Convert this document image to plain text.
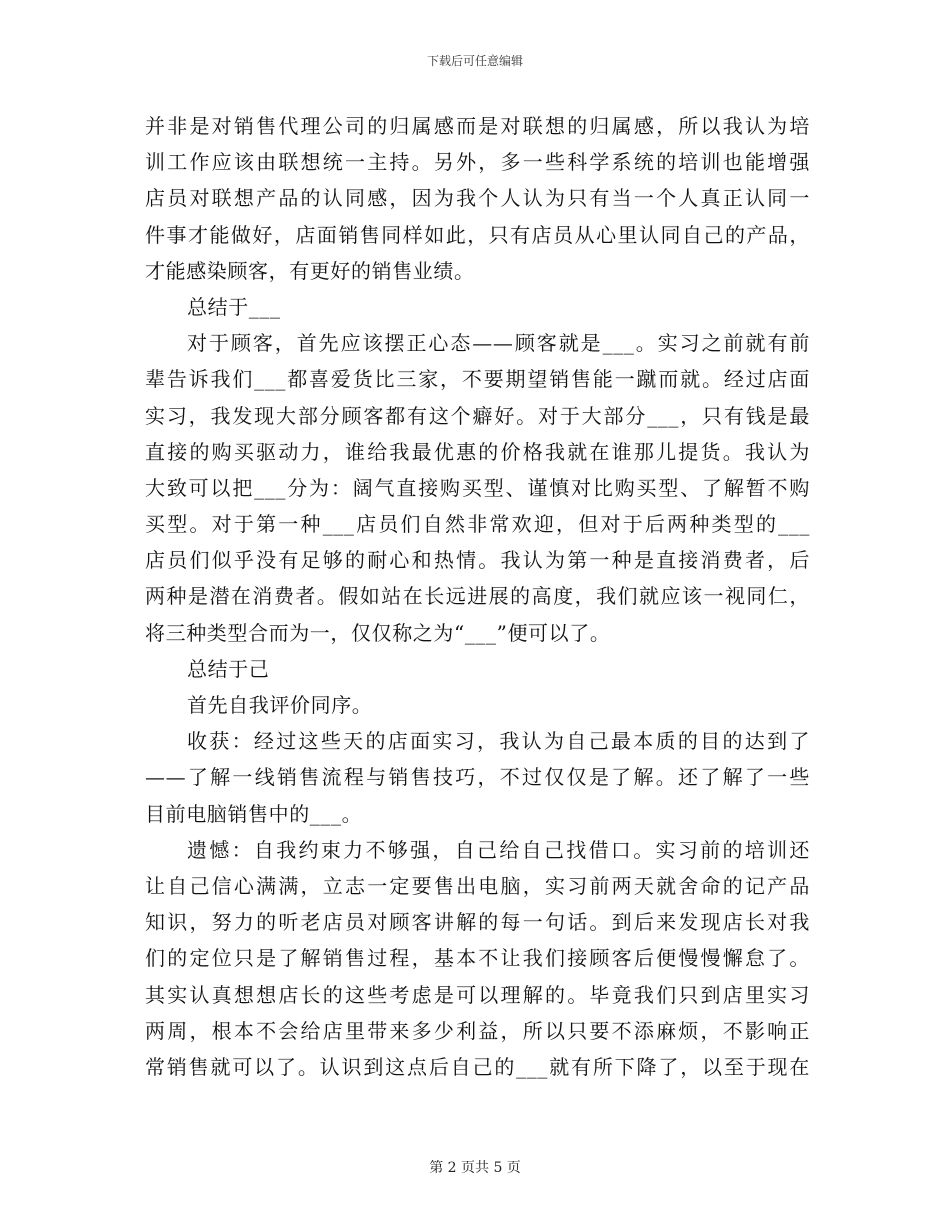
下载后可任意编辑
并非是对销售代理公司的归属感而是对联想的归属感，所以我认为培
训工作应该由联想统一主持。另外，多一些科学系统的培训也能增强
店员对联想产品的认同感，因为我个人认为只有当一个人真正认同一
件事才能做好，店面销售同样如此，只有店员从心里认同自己的产品，
才能感染顾客，有更好的销售业绩。
总结于___
对于顾客，首先应该摆正心态——顾客就是___。实习之前就有前
辈告诉我们___都喜爱货比三家，不要期望销售能一蹴而就。经过店面
实习，我发现大部分顾客都有这个癖好。对于大部分___，只有钱是最
直接的购买驱动力，谁给我最优惠的价格我就在谁那儿提货。我认为
大致可以把___分为：阔气直接购买型、谨慎对比购买型、了解暂不购
买型。对于第一种___店员们自然非常欢迎，但对于后两种类型的___
店员们似乎没有足够的耐心和热情。我认为第一种是直接消费者，后
两种是潜在消费者。假如站在长远进展的高度，我们就应该一视同仁，
将三种类型合而为一，仅仅称之为“___”便可以了。
总结于己
首先自我评价同序。
收获：经过这些天的店面实习，我认为自己最本质的目的达到了
——了解一线销售流程与销售技巧，不过仅仅是了解。还了解了一些
目前电脑销售中的___。
遗憾：自我约束力不够强，自己给自己找借口。实习前的培训还
让自己信心满满，立志一定要售出电脑，实习前两天就舍命的记产品
知识，努力的听老店员对顾客讲解的每一句话。到后来发现店长对我
们的定位只是了解销售过程，基本不让我们接顾客后便慢慢懈怠了。
其实认真想想店长的这些考虑是可以理解的。毕竟我们只到店里实习
两周，根本不会给店里带来多少利益，所以只要不添麻烦，不影响正
常销售就可以了。认识到这点后自己的___就有所下降了，以至于现在
第 2 页共 5 页
